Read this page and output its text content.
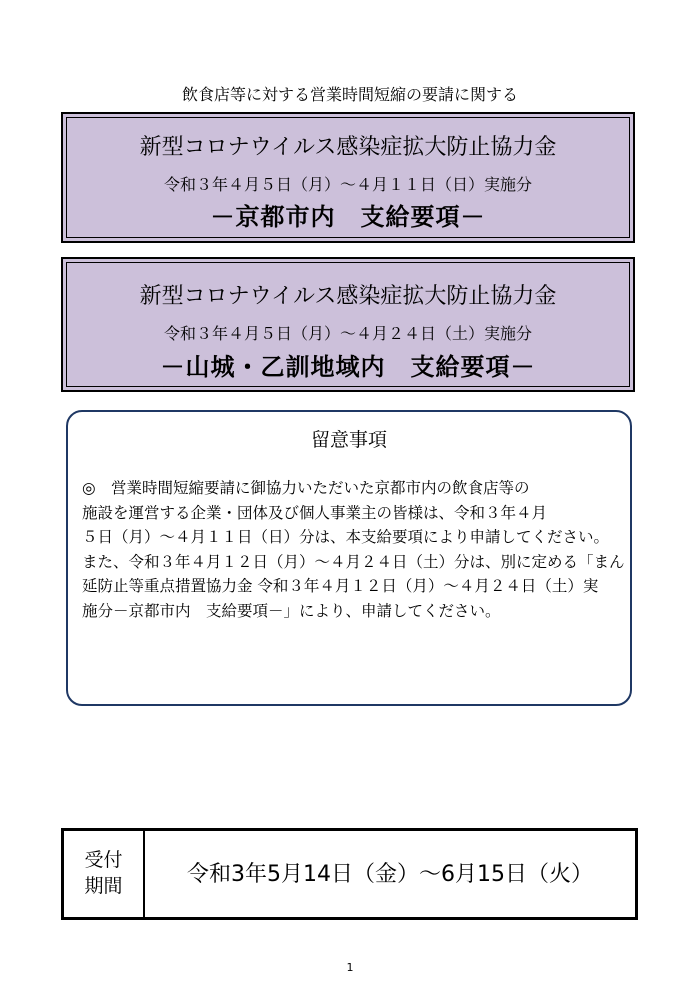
飲食店等に対する営業時間短縮の要請に関する
新型コロナウイルス感染症拡大防止協力金
令和３年４月５日（月）～４月１１日（日）実施分
－京都市内　支給要項－
新型コロナウイルス感染症拡大防止協力金
令和３年４月５日（月）～４月２４日（土）実施分
－山城・乙訓地域内　支給要項－
留意事項
◎　営業時間短縮要請に御協力いただいた京都市内の飲食店等の
施設を運営する企業・団体及び個人事業主の皆様は、令和３年４月
５日（月）～４月１１日（日）分は、本支給要項により申請してください。
また、令和３年４月１２日（月）～４月２４日（土）分は、別に定める「まん
延防止等重点措置協力金 令和３年４月１２日（月）～４月２４日（土）実
施分－京都市内　支給要項－」により、申請してください。
受付
期間	令和3年5月14日（金）～6月15日（火）
1
